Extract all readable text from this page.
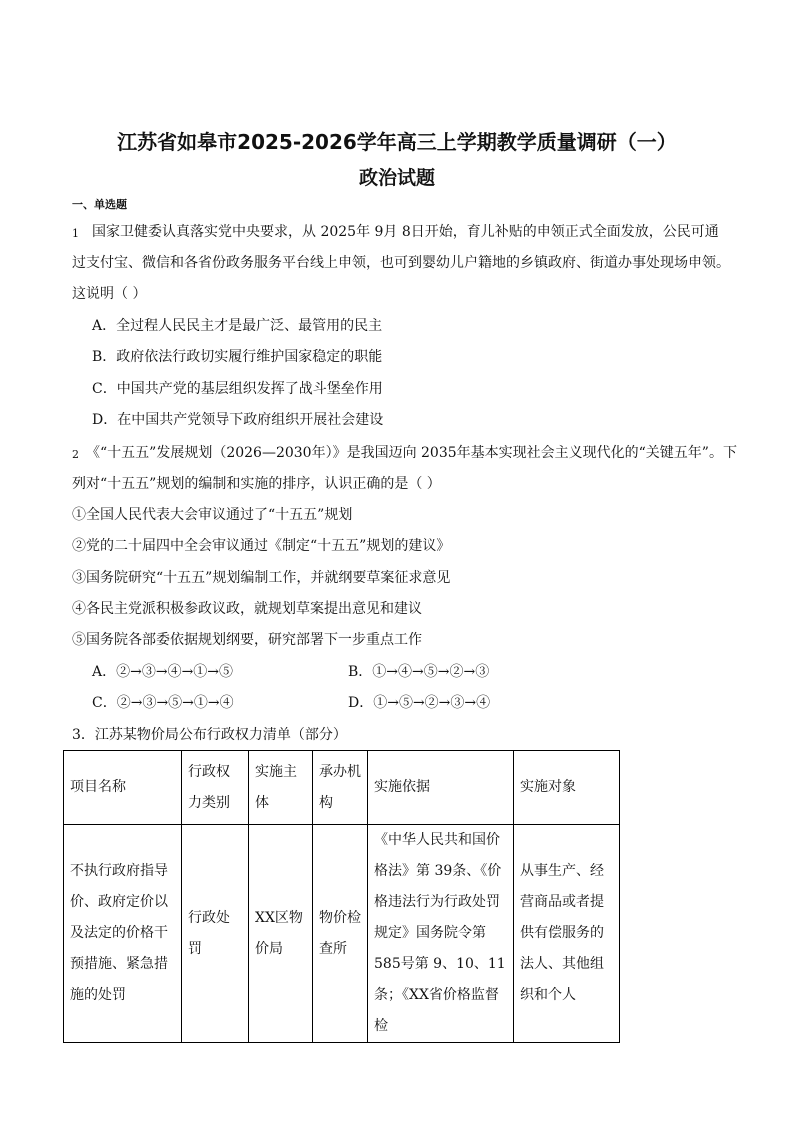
江苏省如皋市2025-2026学年高三上学期教学质量调研（一）
政治试题
一、单选题
1 国家卫健委认真落实党中央要求，从 2025年 9月 8日开始，育儿补贴的申领正式全面发放，公民可通
过支付宝、微信和各省份政务服务平台线上申领，也可到婴幼儿户籍地的乡镇政府、街道办事处现场申领。
这说明（ ）
A．全过程人民民主才是最广泛、最管用的民主
B．政府依法行政切实履行维护国家稳定的职能
C．中国共产党的基层组织发挥了战斗堡垒作用
D．在中国共产党领导下政府组织开展社会建设
2 《“十五五”发展规划（2026—2030年）》是我国迈向 2035年基本实现社会主义现代化的“关键五年”。下
列对“十五五”规划的编制和实施的排序，认识正确的是（ ）
①全国人民代表大会审议通过了“十五五”规划
②党的二十届四中全会审议通过《制定“十五五”规划的建议》
③国务院研究“十五五”规划编制工作，并就纲要草案征求意见
④各民主党派积极参政议政，就规划草案提出意见和建议
⑤国务院各部委依据规划纲要，研究部署下一步重点工作
A．②→③→④→①→⑤	B．①→④→⑤→②→③
C．②→③→⑤→①→④	D．①→⑤→②→③→④
3．江苏某物价局公布行政权力清单（部分）
项目名称	行政权力类别	实施主体	承办机构	实施依据	实施对象
不执行政府指导价、政府定价以及法定的价格干预措施、紧急措施的处罚	行政处罚	XX区物价局	物价检查所	《中华人民共和国价格法》第 39条、《价格违法行为行政处罚规定》国务院令第 585号第 9、10、11条；《XX省价格监督检	从事生产、经营商品或者提供有偿服务的法人、其他组织和个人
